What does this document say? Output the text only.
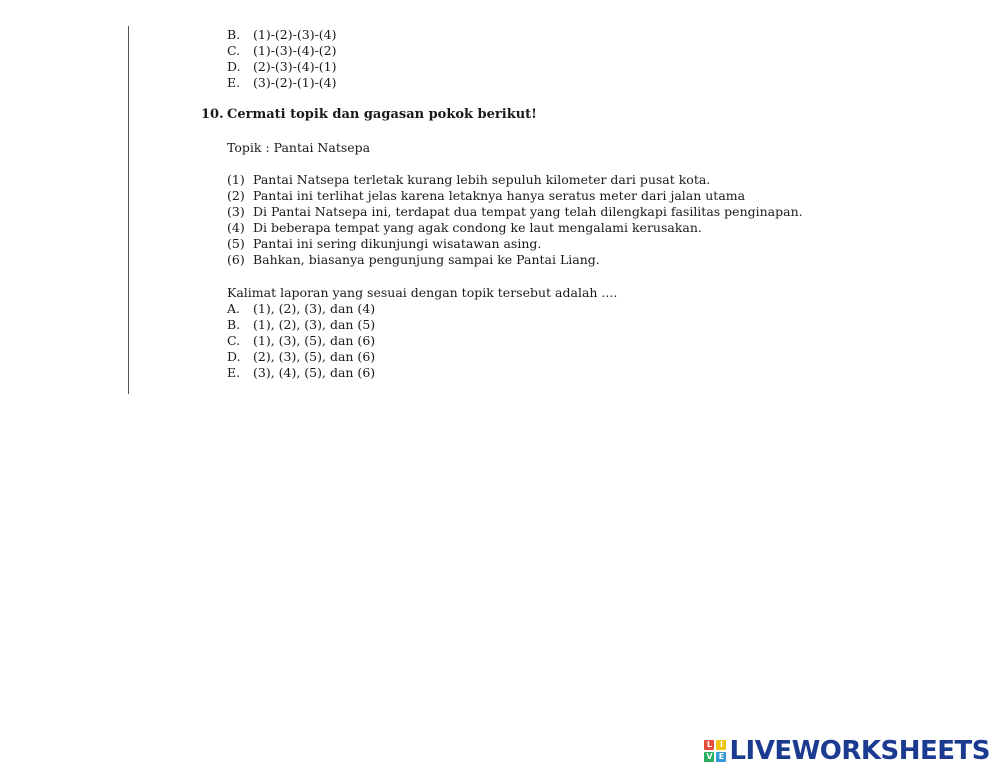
B.	(1)-(2)-(3)-(4)
C.	(1)-(3)-(4)-(2)
D. (2)-(3)-(4)-(1)
E.	(3)-(2)-(1)-(4)
10. Cermati topik dan gagasan pokok berikut!
Topik : Pantai Natsepa
(1) Pantai Natsepa terletak kurang lebih sepuluh kilometer dari pusat kota.
(2) Pantai ini terlihat jelas karena letaknya hanya seratus meter dari jalan utama
(3) Di Pantai Natsepa ini, terdapat dua tempat yang telah dilengkapi fasilitas penginapan.
(4) Di beberapa tempat yang agak condong ke laut mengalami kerusakan.
(5) Pantai ini sering dikunjungi wisatawan asing.
(6) Bahkan, biasanya pengunjung sampai ke Pantai Liang.
Kalimat laporan yang sesuai dengan topik tersebut adalah ....
A.	(1), (2), (3), dan (4)
B.	(1), (2), (3), dan (5)
C.	(1), (3), (5), dan (6)
D. (2), (3), (5), dan (6)
E.	(3), (4), (5), dan (6)
L I
V E LIVEWORKSHEETS
